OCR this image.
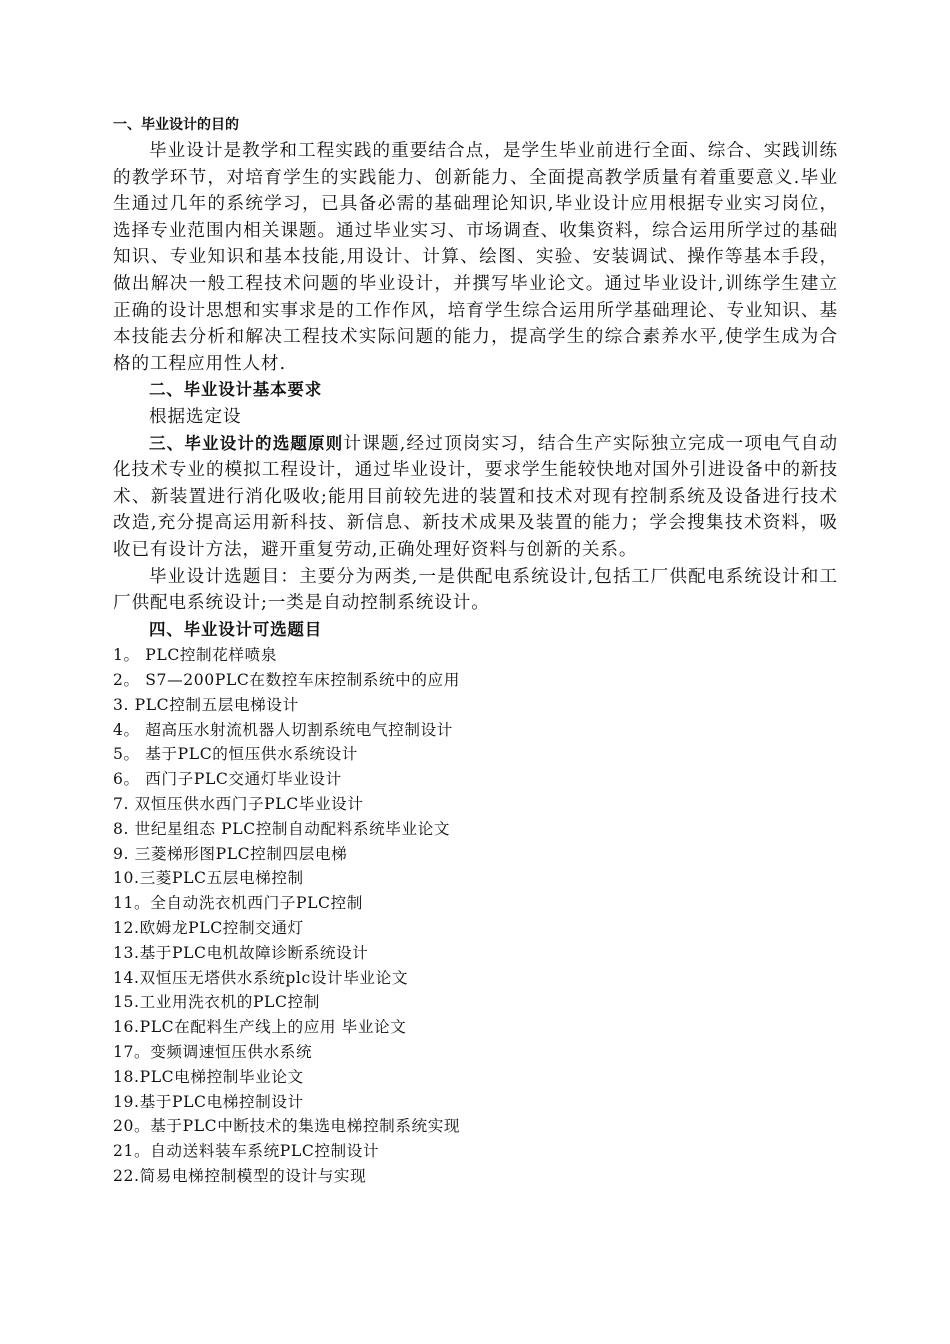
一、毕业设计的目的

毕业设计是教学和工程实践的重要结合点，是学生毕业前进行全面、综合、实践训练的教学环节，对培育学生的实践能力、创新能力、全面提高教学质量有着重要意义.毕业生通过几年的系统学习，已具备必需的基础理论知识,毕业设计应用根据专业实习岗位，选择专业范围内相关课题。通过毕业实习、市场调查、收集资料，综合运用所学过的基础知识、专业知识和基本技能,用设计、计算、绘图、实验、安装调试、操作等基本手段，做出解决一般工程技术问题的毕业设计，并撰写毕业论文。通过毕业设计,训练学生建立正确的设计思想和实事求是的工作作风，培育学生综合运用所学基础理论、专业知识、基本技能去分析和解决工程技术实际问题的能力，提高学生的综合素养水平,使学生成为合格的工程应用性人材.

二、毕业设计基本要求

根据选定设

三、毕业设计的选题原则计课题,经过顶岗实习，结合生产实际独立完成一项电气自动化技术专业的模拟工程设计，通过毕业设计，要求学生能较快地对国外引进设备中的新技术、新装置进行消化吸收;能用目前较先进的装置和技术对现有控制系统及设备进行技术改造,充分提高运用新科技、新信息、新技术成果及装置的能力；学会搜集技术资料，吸收已有设计方法，避开重复劳动,正确处理好资料与创新的关系。

毕业设计选题目：主要分为两类,一是供配电系统设计,包括工厂供配电系统设计和工厂供配电系统设计;一类是自动控制系统设计。

四、毕业设计可选题目

1。 PLC控制花样喷泉
2。 S7—200PLC在数控车床控制系统中的应用
3. PLC控制五层电梯设计
4。 超高压水射流机器人切割系统电气控制设计
5。 基于PLC的恒压供水系统设计
6。 西门子PLC交通灯毕业设计
7. 双恒压供水西门子PLC毕业设计
8. 世纪星组态 PLC控制自动配料系统毕业论文
9. 三菱梯形图PLC控制四层电梯
10.三菱PLC五层电梯控制
11。全自动洗衣机西门子PLC控制
12.欧姆龙PLC控制交通灯
13.基于PLC电机故障诊断系统设计
14.双恒压无塔供水系统plc设计毕业论文
15.工业用洗衣机的PLC控制
16.PLC在配料生产线上的应用 毕业论文
17。变频调速恒压供水系统
18.PLC电梯控制毕业论文
19.基于PLC电梯控制设计
20。基于PLC中断技术的集选电梯控制系统实现
21。自动送料装车系统PLC控制设计
22.简易电梯控制模型的设计与实现
